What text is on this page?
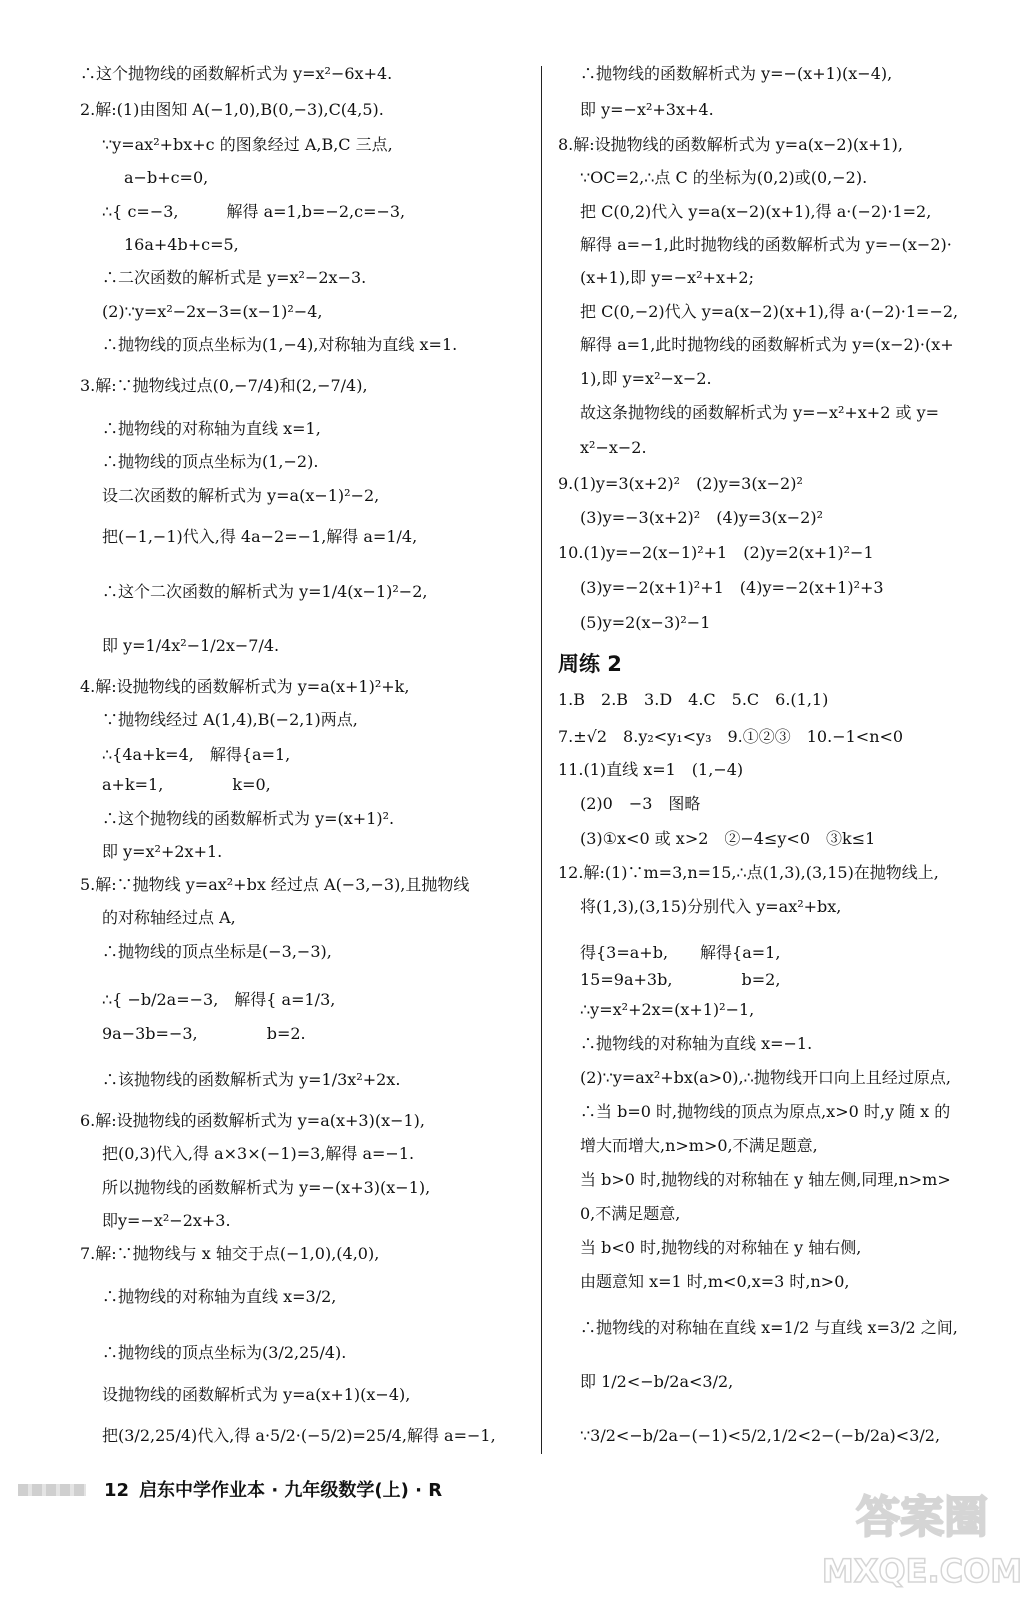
∴这个抛物线的函数解析式为 y=x²−6x+4.
2.解:(1)由图知 A(−1,0),B(0,−3),C(4,5).
∵y=ax²+bx+c 的图象经过 A,B,C 三点,
a−b+c=0,
∴{ c=−3,　　　解得 a=1,b=−2,c=−3,
16a+4b+c=5,
∴二次函数的解析式是 y=x²−2x−3.
(2)∵y=x²−2x−3=(x−1)²−4,
∴抛物线的顶点坐标为(1,−4),对称轴为直线 x=1.
3.解:∵抛物线过点(0,−7/4)和(2,−7/4),
∴抛物线的对称轴为直线 x=1,
∴抛物线的顶点坐标为(1,−2).
设二次函数的解析式为 y=a(x−1)²−2,
把(−1,−1)代入,得 4a−2=−1,解得 a=1/4,
∴这个二次函数的解析式为 y=1/4(x−1)²−2,
即 y=1/4x²−1/2x−7/4.
4.解:设抛物线的函数解析式为 y=a(x+1)²+k,
∵抛物线经过 A(1,4),B(−2,1)两点,
∴{4a+k=4,　解得{a=1,
a+k=1,　　　　 k=0,
∴这个抛物线的函数解析式为 y=(x+1)².
即 y=x²+2x+1.
5.解:∵抛物线 y=ax²+bx 经过点 A(−3,−3),且抛物线
的对称轴经过点 A,
∴抛物线的顶点坐标是(−3,−3),
∴{ −b/2a=−3,　解得{ a=1/3,
9a−3b=−3,　　　　 b=2.
∴该抛物线的函数解析式为 y=1/3x²+2x.
6.解:设抛物线的函数解析式为 y=a(x+3)(x−1),
把(0,3)代入,得 a×3×(−1)=3,解得 a=−1.
所以抛物线的函数解析式为 y=−(x+3)(x−1),
即y=−x²−2x+3.
7.解:∵抛物线与 x 轴交于点(−1,0),(4,0),
∴抛物线的对称轴为直线 x=3/2,
∴抛物线的顶点坐标为(3/2,25/4).
设抛物线的函数解析式为 y=a(x+1)(x−4),
把(3/2,25/4)代入,得 a·5/2·(−5/2)=25/4,解得 a=−1,
∴抛物线的函数解析式为 y=−(x+1)(x−4),
即 y=−x²+3x+4.
8.解:设抛物线的函数解析式为 y=a(x−2)(x+1),
∵OC=2,∴点 C 的坐标为(0,2)或(0,−2).
把 C(0,2)代入 y=a(x−2)(x+1),得 a·(−2)·1=2,
解得 a=−1,此时抛物线的函数解析式为 y=−(x−2)·
(x+1),即 y=−x²+x+2;
把 C(0,−2)代入 y=a(x−2)(x+1),得 a·(−2)·1=−2,
解得 a=1,此时抛物线的函数解析式为 y=(x−2)·(x+
1),即 y=x²−x−2.
故这条抛物线的函数解析式为 y=−x²+x+2 或 y=
x²−x−2.
9.(1)y=3(x+2)²　(2)y=3(x−2)²
(3)y=−3(x+2)²　(4)y=3(x−2)²
10.(1)y=−2(x−1)²+1　(2)y=2(x+1)²−1
(3)y=−2(x+1)²+1　(4)y=−2(x+1)²+3
(5)y=2(x−3)²−1
周练 2
1.B　2.B　3.D　4.C　5.C　6.(1,1)
7.±√2　8.y₂<y₁<y₃　9.①②③　10.−1<n<0
11.(1)直线 x=1　(1,−4)
(2)0　−3　图略
(3)①x<0 或 x>2　②−4≤y<0　③k≤1
12.解:(1)∵m=3,n=15,∴点(1,3),(3,15)在抛物线上,
将(1,3),(3,15)分别代入 y=ax²+bx,
得{3=a+b,　　解得{a=1,
15=9a+3b,　　　　 b=2,
∴y=x²+2x=(x+1)²−1,
∴抛物线的对称轴为直线 x=−1.
(2)∵y=ax²+bx(a>0),∴抛物线开口向上且经过原点,
∴当 b=0 时,抛物线的顶点为原点,x>0 时,y 随 x 的
增大而增大,n>m>0,不满足题意,
当 b>0 时,抛物线的对称轴在 y 轴左侧,同理,n>m>
0,不满足题意,
当 b<0 时,抛物线的对称轴在 y 轴右侧,
由题意知 x=1 时,m<0,x=3 时,n>0,
∴抛物线的对称轴在直线 x=1/2 与直线 x=3/2 之间,
即 1/2<−b/2a<3/2,
∵3/2<−b/2a−(−1)<5/2,1/2<2−(−b/2a)<3/2,
12 启东中学作业本 · 九年级数学(上) · R
答案圈
MXQE.COM
